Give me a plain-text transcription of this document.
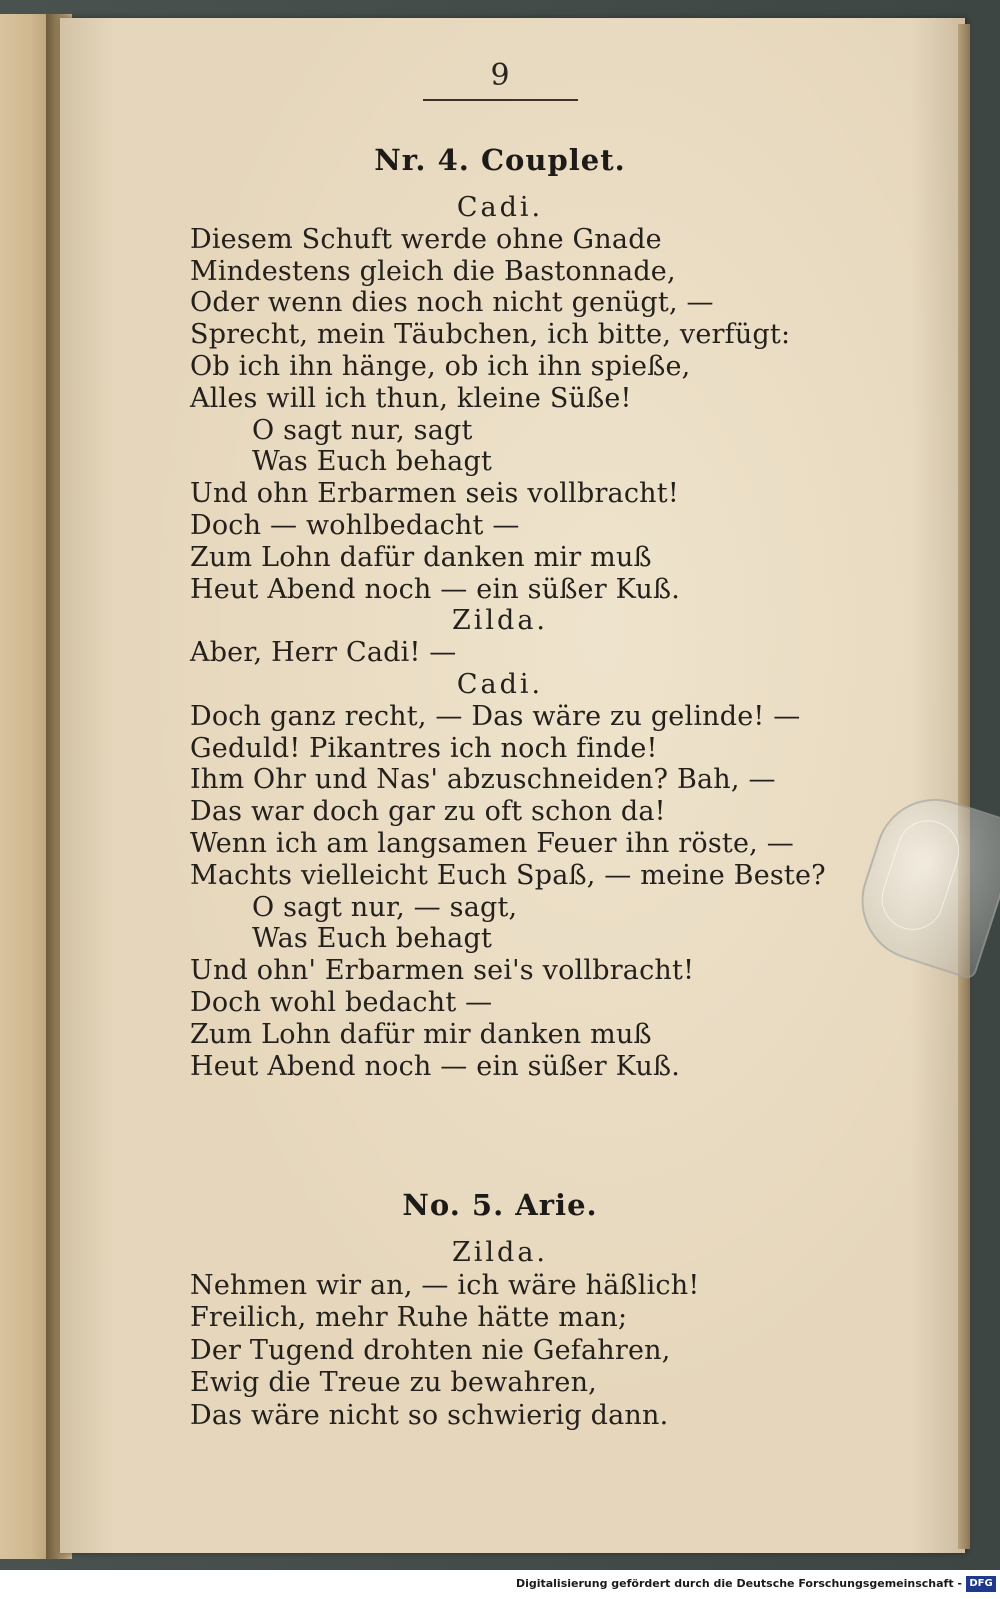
9
Nr. 4. Couplet.
Cadi.
Diesem Schuft werde ohne Gnade
Mindestens gleich die Bastonnade,
Oder wenn dies noch nicht genügt, —
Sprecht, mein Täubchen, ich bitte, verfügt:
Ob ich ihn hänge, ob ich ihn spieße,
Alles will ich thun, kleine Süße!
O sagt nur, sagt
Was Euch behagt
Und ohn Erbarmen seis vollbracht!
Doch — wohlbedacht —
Zum Lohn dafür danken mir muß
Heut Abend noch — ein süßer Kuß.
Zilda.
Aber, Herr Cadi! —
Cadi.
Doch ganz recht, — Das wäre zu gelinde! —
Geduld! Pikantres ich noch finde!
Ihm Ohr und Nas' abzuschneiden? Bah, —
Das war doch gar zu oft schon da!
Wenn ich am langsamen Feuer ihn röste, —
Machts vielleicht Euch Spaß, — meine Beste?
O sagt nur, — sagt,
Was Euch behagt
Und ohn' Erbarmen sei's vollbracht!
Doch wohl bedacht —
Zum Lohn dafür mir danken muß
Heut Abend noch — ein süßer Kuß.
No. 5. Arie.
Zilda.
Nehmen wir an, — ich wäre häßlich!
Freilich, mehr Ruhe hätte man;
Der Tugend drohten nie Gefahren,
Ewig die Treue zu bewahren,
Das wäre nicht so schwierig dann.
Digitalisierung gefördert durch die Deutsche Forschungsgemeinschaft - DFG
